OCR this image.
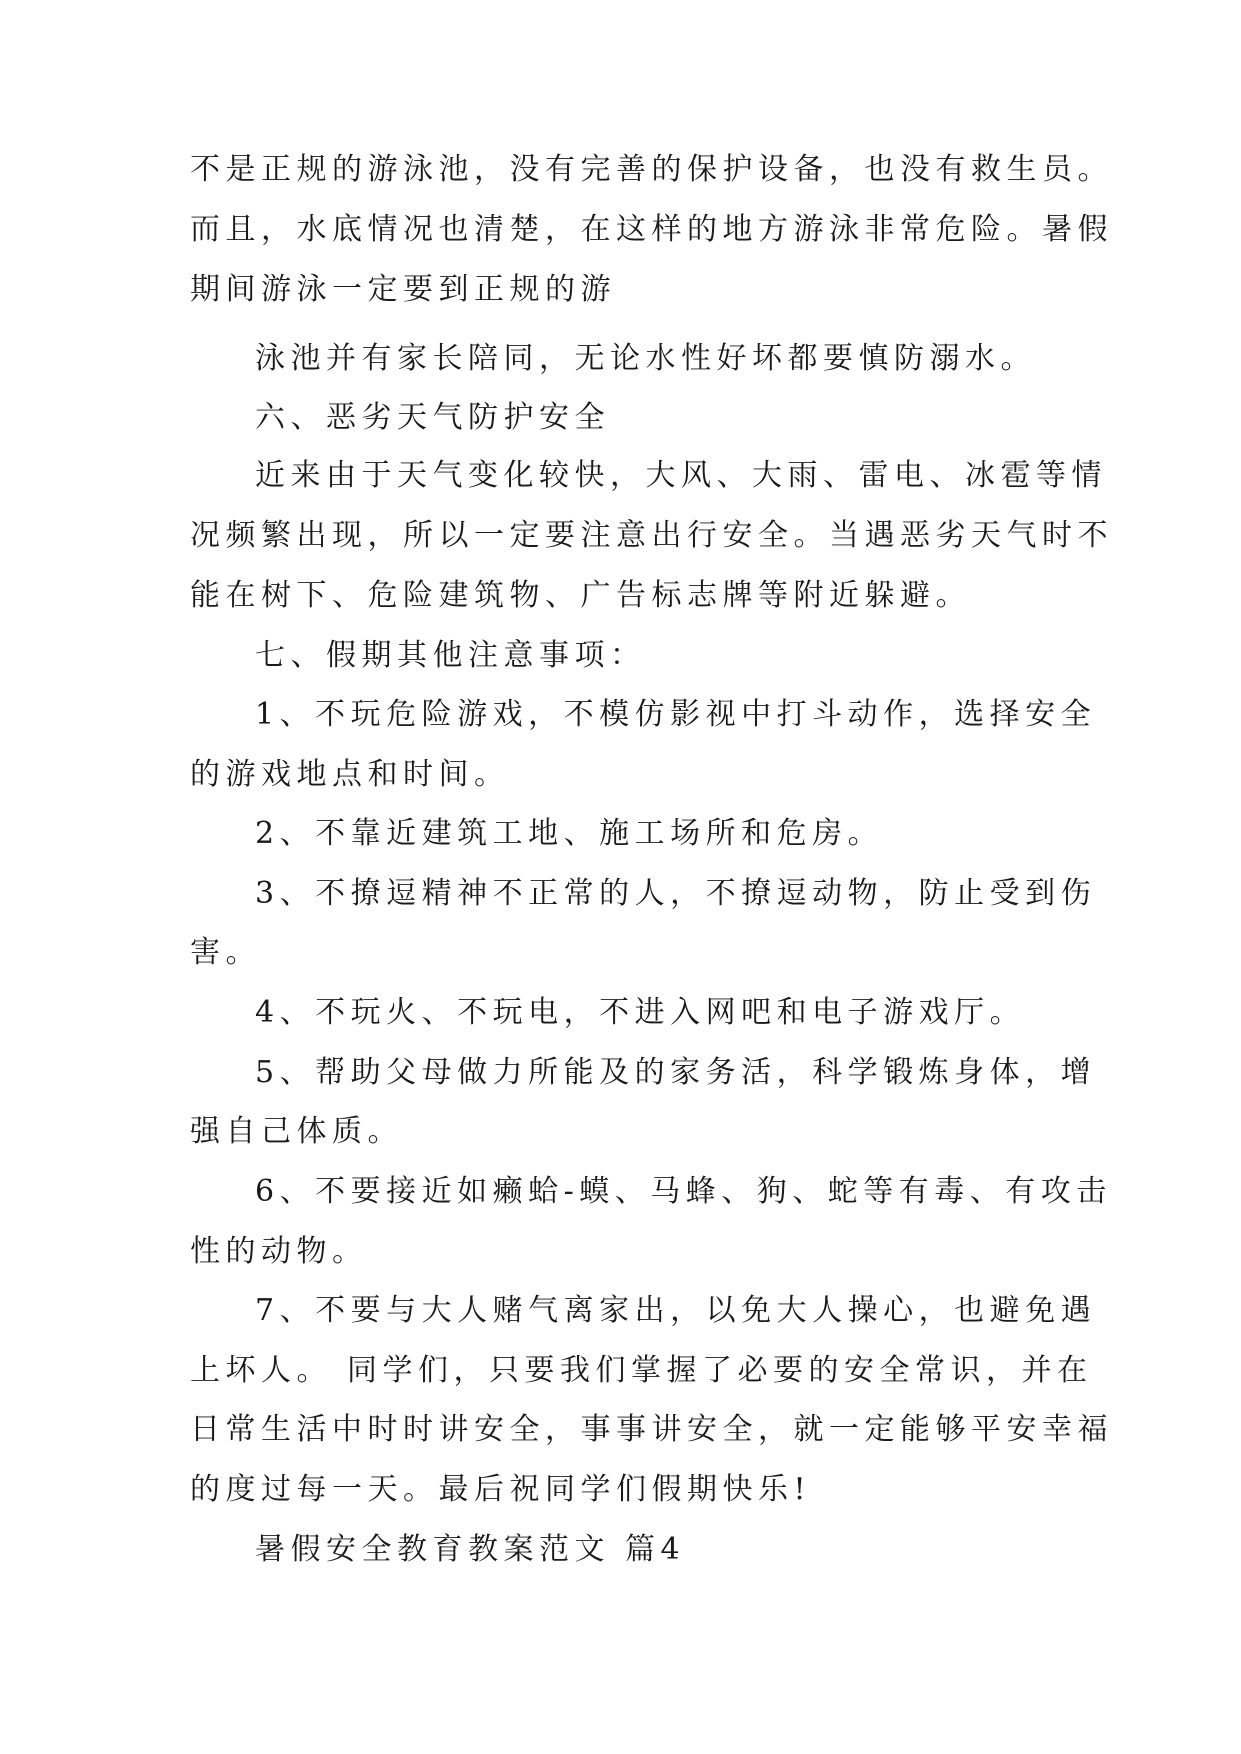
不是正规的游泳池，没有完善的保护设备，也没有救生员。
而且，水底情况也清楚，在这样的地方游泳非常危险。暑假
期间游泳一定要到正规的游
泳池并有家长陪同，无论水性好坏都要慎防溺水。
六、恶劣天气防护安全
近来由于天气变化较快，大风、大雨、雷电、冰雹等情
况频繁出现，所以一定要注意出行安全。当遇恶劣天气时不
能在树下、危险建筑物、广告标志牌等附近躲避。
七、假期其他注意事项：
1、不玩危险游戏，不模仿影视中打斗动作，选择安全
的游戏地点和时间。
2、不靠近建筑工地、施工场所和危房。
3、不撩逗精神不正常的人，不撩逗动物，防止受到伤
害。
4、不玩火、不玩电，不进入网吧和电子游戏厅。
5、帮助父母做力所能及的家务活，科学锻炼身体，增
强自己体质。
6、不要接近如癞蛤-蟆、马蜂、狗、蛇等有毒、有攻击
性的动物。
7、不要与大人赌气离家出，以免大人操心，也避免遇
上坏人。 同学们，只要我们掌握了必要的安全常识，并在
日常生活中时时讲安全，事事讲安全，就一定能够平安幸福
的度过每一天。最后祝同学们假期快乐!
暑假安全教育教案范文 篇4
